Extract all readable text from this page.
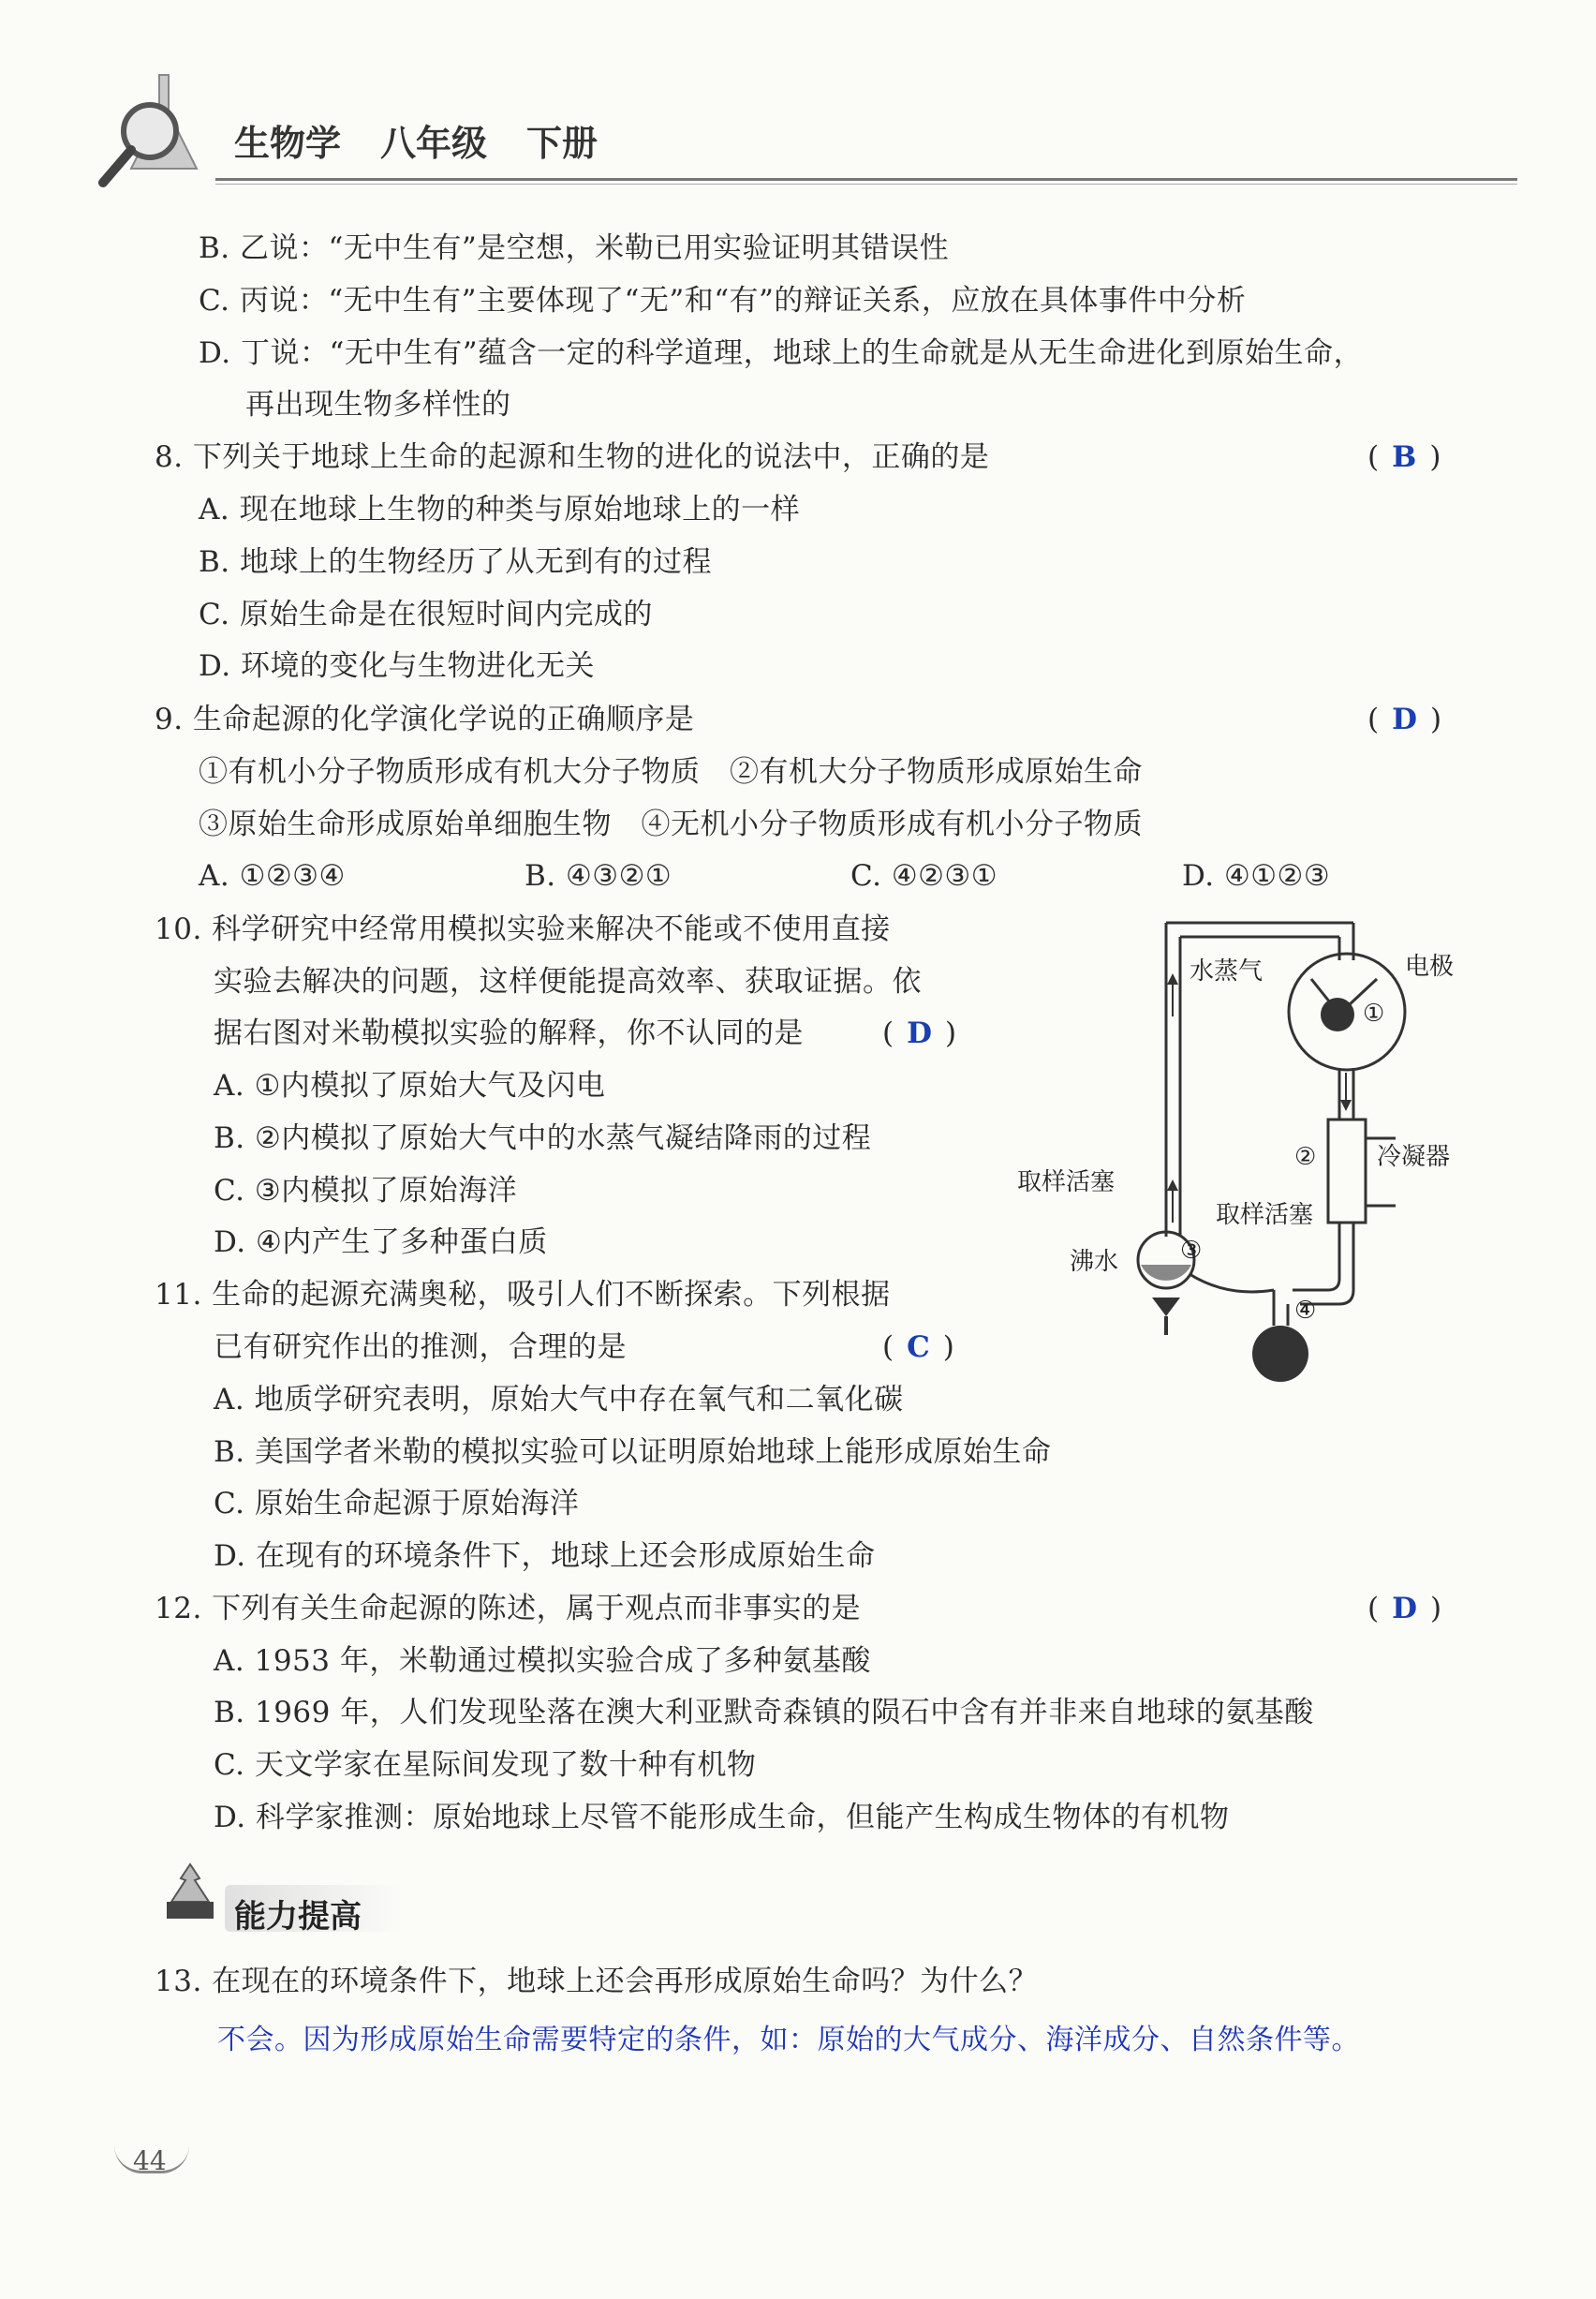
生物学 八年级 下册
B. 乙说：“无中生有”是空想，米勒已用实验证明其错误性
C. 丙说：“无中生有”主要体现了“无”和“有”的辩证关系，应放在具体事件中分析
D. 丁说：“无中生有”蕴含一定的科学道理，地球上的生命就是从无生命进化到原始生命，
再出现生物多样性的
8. 下列关于地球上生命的起源和生物的进化的说法中，正确的是	( B )
A. 现在地球上生物的种类与原始地球上的一样
B. 地球上的生物经历了从无到有的过程
C. 原始生命是在很短时间内完成的
D. 环境的变化与生物进化无关
9. 生命起源的化学演化学说的正确顺序是	( D )
①有机小分子物质形成有机大分子物质　②有机大分子物质形成原始生命
③原始生命形成原始单细胞生物　④无机小分子物质形成有机小分子物质
A. ①②③④	B. ④③②①	C. ④②③①	D. ④①②③
10. 科学研究中经常用模拟实验来解决不能或不使用直接
实验去解决的问题，这样便能提高效率、获取证据。依
据右图对米勒模拟实验的解释，你不认同的是	( D )
A. ①内模拟了原始大气及闪电
B. ②内模拟了原始大气中的水蒸气凝结降雨的过程
C. ③内模拟了原始海洋
D. ④内产生了多种蛋白质
水蒸气	电极
①
② 冷凝器
取样活塞
取样活塞
③
沸水
④
11. 生命的起源充满奥秘，吸引人们不断探索。下列根据
已有研究作出的推测，合理的是	( C )
A. 地质学研究表明，原始大气中存在氧气和二氧化碳
B. 美国学者米勒的模拟实验可以证明原始地球上能形成原始生命
C. 原始生命起源于原始海洋
D. 在现有的环境条件下，地球上还会形成原始生命
12. 下列有关生命起源的陈述，属于观点而非事实的是	( D )
A. 1953 年，米勒通过模拟实验合成了多种氨基酸
B. 1969 年，人们发现坠落在澳大利亚默奇森镇的陨石中含有并非来自地球的氨基酸
C. 天文学家在星际间发现了数十种有机物
D. 科学家推测：原始地球上尽管不能形成生命，但能产生构成生物体的有机物
能力提高
13. 在现在的环境条件下，地球上还会再形成原始生命吗？为什么？
不会。因为形成原始生命需要特定的条件，如：原始的大气成分、海洋成分、自然条件等。
44
